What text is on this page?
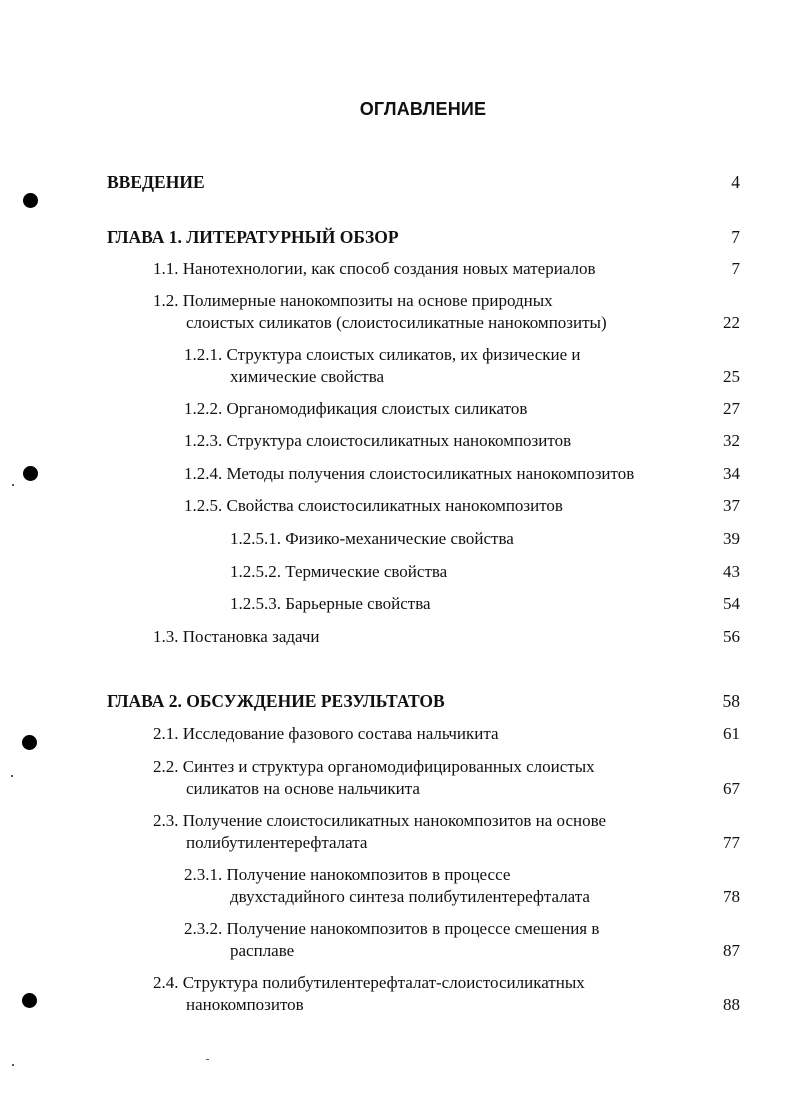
ОГЛАВЛЕНИЕ
ВВЕДЕНИЕ	4
ГЛАВА 1. ЛИТЕРАТУРНЫЙ ОБЗОР	7
1.1. Нанотехнологии, как способ создания новых материалов	7
1.2. Полимерные нанокомпозиты на основе природных
слоистых силикатов (слоистосиликатные нанокомпозиты)	22
1.2.1. Структура слоистых силикатов, их физические и
химические свойства	25
1.2.2. Органомодификация слоистых силикатов	27
1.2.3. Структура слоистосиликатных нанокомпозитов	32
1.2.4. Методы получения слоистосиликатных нанокомпозитов	34
1.2.5. Свойства слоистосиликатных нанокомпозитов	37
1.2.5.1. Физико-механические свойства	39
1.2.5.2. Термические свойства	43
1.2.5.3. Барьерные свойства	54
1.3. Постановка задачи	56
ГЛАВА 2. ОБСУЖДЕНИЕ РЕЗУЛЬТАТОВ	58
2.1. Исследование фазового состава нальчикита	61
2.2. Синтез и структура органомодифицированных слоистых
силикатов на основе нальчикита	67
2.3. Получение слоистосиликатных нанокомпозитов на основе
полибутилентерефталата	77
2.3.1. Получение нанокомпозитов в процессе
двухстадийного синтеза полибутилентерефталата	78
2.3.2. Получение нанокомпозитов в процессе смешения в
расплаве	87
2.4. Структура полибутилентерефталат-слоистосиликатных
нанокомпозитов	88
